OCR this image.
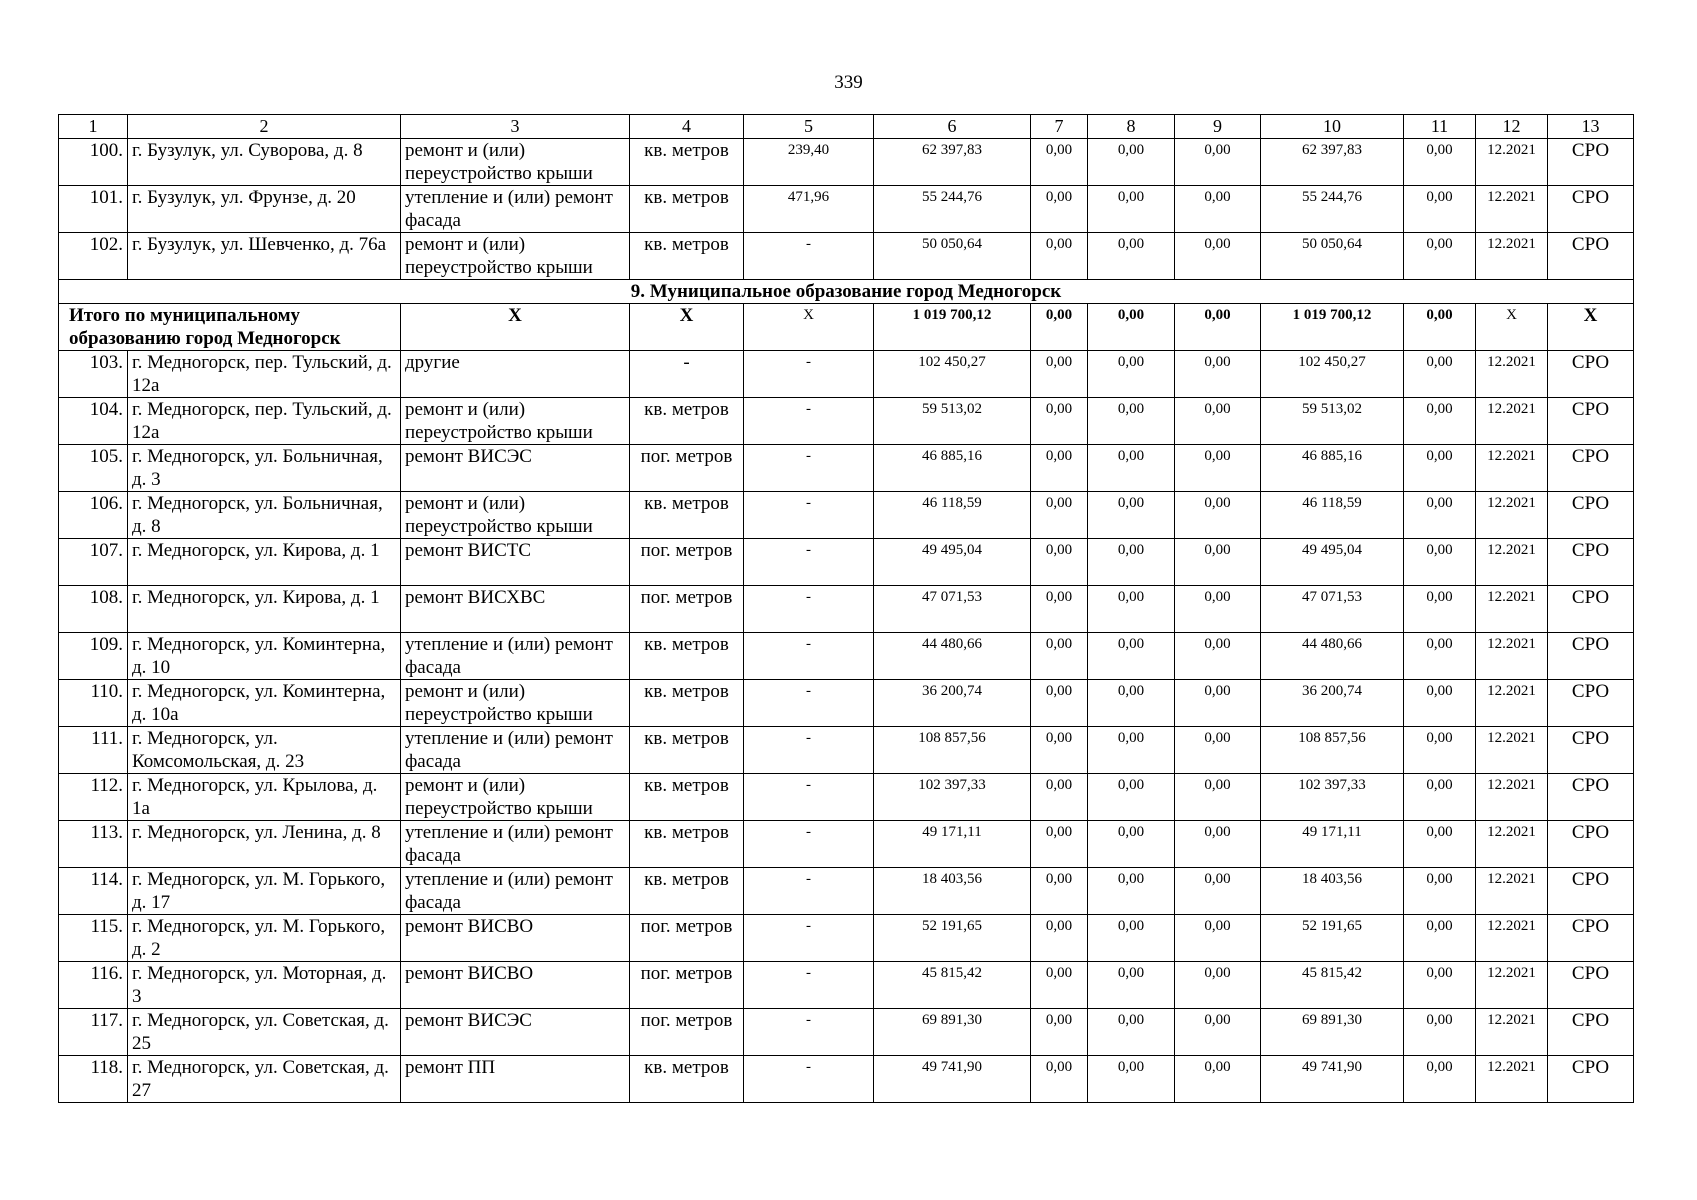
339
1	2	3	4	5	6	7	8	9	10	11	12	13
100.	г. Бузулук, ул. Суворова, д. 8	ремонт и (или) переустройство крыши	кв. метров	239,40	62 397,83	0,00	0,00	0,00	62 397,83	0,00	12.2021	СРО
101.	г. Бузулук, ул. Фрунзе, д. 20	утепление и (или) ремонт фасада	кв. метров	471,96	55 244,76	0,00	0,00	0,00	55 244,76	0,00	12.2021	СРО
102.	г. Бузулук, ул. Шевченко, д. 76а	ремонт и (или) переустройство крыши	кв. метров	-	50 050,64	0,00	0,00	0,00	50 050,64	0,00	12.2021	СРО
9. Муниципальное образование город Медногорск												
Итого по муниципальному образованию город Медногорск		Х	Х	Х	1 019 700,12	0,00	0,00	0,00	1 019 700,12	0,00	Х	Х
103.	г. Медногорск, пер. Тульский, д. 12а	другие	-	-	102 450,27	0,00	0,00	0,00	102 450,27	0,00	12.2021	СРО
104.	г. Медногорск, пер. Тульский, д. 12а	ремонт и (или) переустройство крыши	кв. метров	-	59 513,02	0,00	0,00	0,00	59 513,02	0,00	12.2021	СРО
105.	г. Медногорск, ул. Больничная, д. 3	ремонт ВИСЭС	пог. метров	-	46 885,16	0,00	0,00	0,00	46 885,16	0,00	12.2021	СРО
106.	г. Медногорск, ул. Больничная, д. 8	ремонт и (или) переустройство крыши	кв. метров	-	46 118,59	0,00	0,00	0,00	46 118,59	0,00	12.2021	СРО
107.	г. Медногорск, ул. Кирова, д. 1	ремонт ВИСТС	пог. метров	-	49 495,04	0,00	0,00	0,00	49 495,04	0,00	12.2021	СРО
108.	г. Медногорск, ул. Кирова, д. 1	ремонт ВИСХВС	пог. метров	-	47 071,53	0,00	0,00	0,00	47 071,53	0,00	12.2021	СРО
109.	г. Медногорск, ул. Коминтерна, д. 10	утепление и (или) ремонт фасада	кв. метров	-	44 480,66	0,00	0,00	0,00	44 480,66	0,00	12.2021	СРО
110.	г. Медногорск, ул. Коминтерна, д. 10а	ремонт и (или) переустройство крыши	кв. метров	-	36 200,74	0,00	0,00	0,00	36 200,74	0,00	12.2021	СРО
111.	г. Медногорск, ул. Комсомольская, д. 23	утепление и (или) ремонт фасада	кв. метров	-	108 857,56	0,00	0,00	0,00	108 857,56	0,00	12.2021	СРО
112.	г. Медногорск, ул. Крылова, д. 1а	ремонт и (или) переустройство крыши	кв. метров	-	102 397,33	0,00	0,00	0,00	102 397,33	0,00	12.2021	СРО
113.	г. Медногорск, ул. Ленина, д. 8	утепление и (или) ремонт фасада	кв. метров	-	49 171,11	0,00	0,00	0,00	49 171,11	0,00	12.2021	СРО
114.	г. Медногорск, ул. М. Горького, д. 17	утепление и (или) ремонт фасада	кв. метров	-	18 403,56	0,00	0,00	0,00	18 403,56	0,00	12.2021	СРО
115.	г. Медногорск, ул. М. Горького, д. 2	ремонт ВИСВО	пог. метров	-	52 191,65	0,00	0,00	0,00	52 191,65	0,00	12.2021	СРО
116.	г. Медногорск, ул. Моторная, д. 3	ремонт ВИСВО	пог. метров	-	45 815,42	0,00	0,00	0,00	45 815,42	0,00	12.2021	СРО
117.	г. Медногорск, ул. Советская, д. 25	ремонт ВИСЭС	пог. метров	-	69 891,30	0,00	0,00	0,00	69 891,30	0,00	12.2021	СРО
118.	г. Медногорск, ул. Советская, д. 27	ремонт ПП	кв. метров	-	49 741,90	0,00	0,00	0,00	49 741,90	0,00	12.2021	СРО
